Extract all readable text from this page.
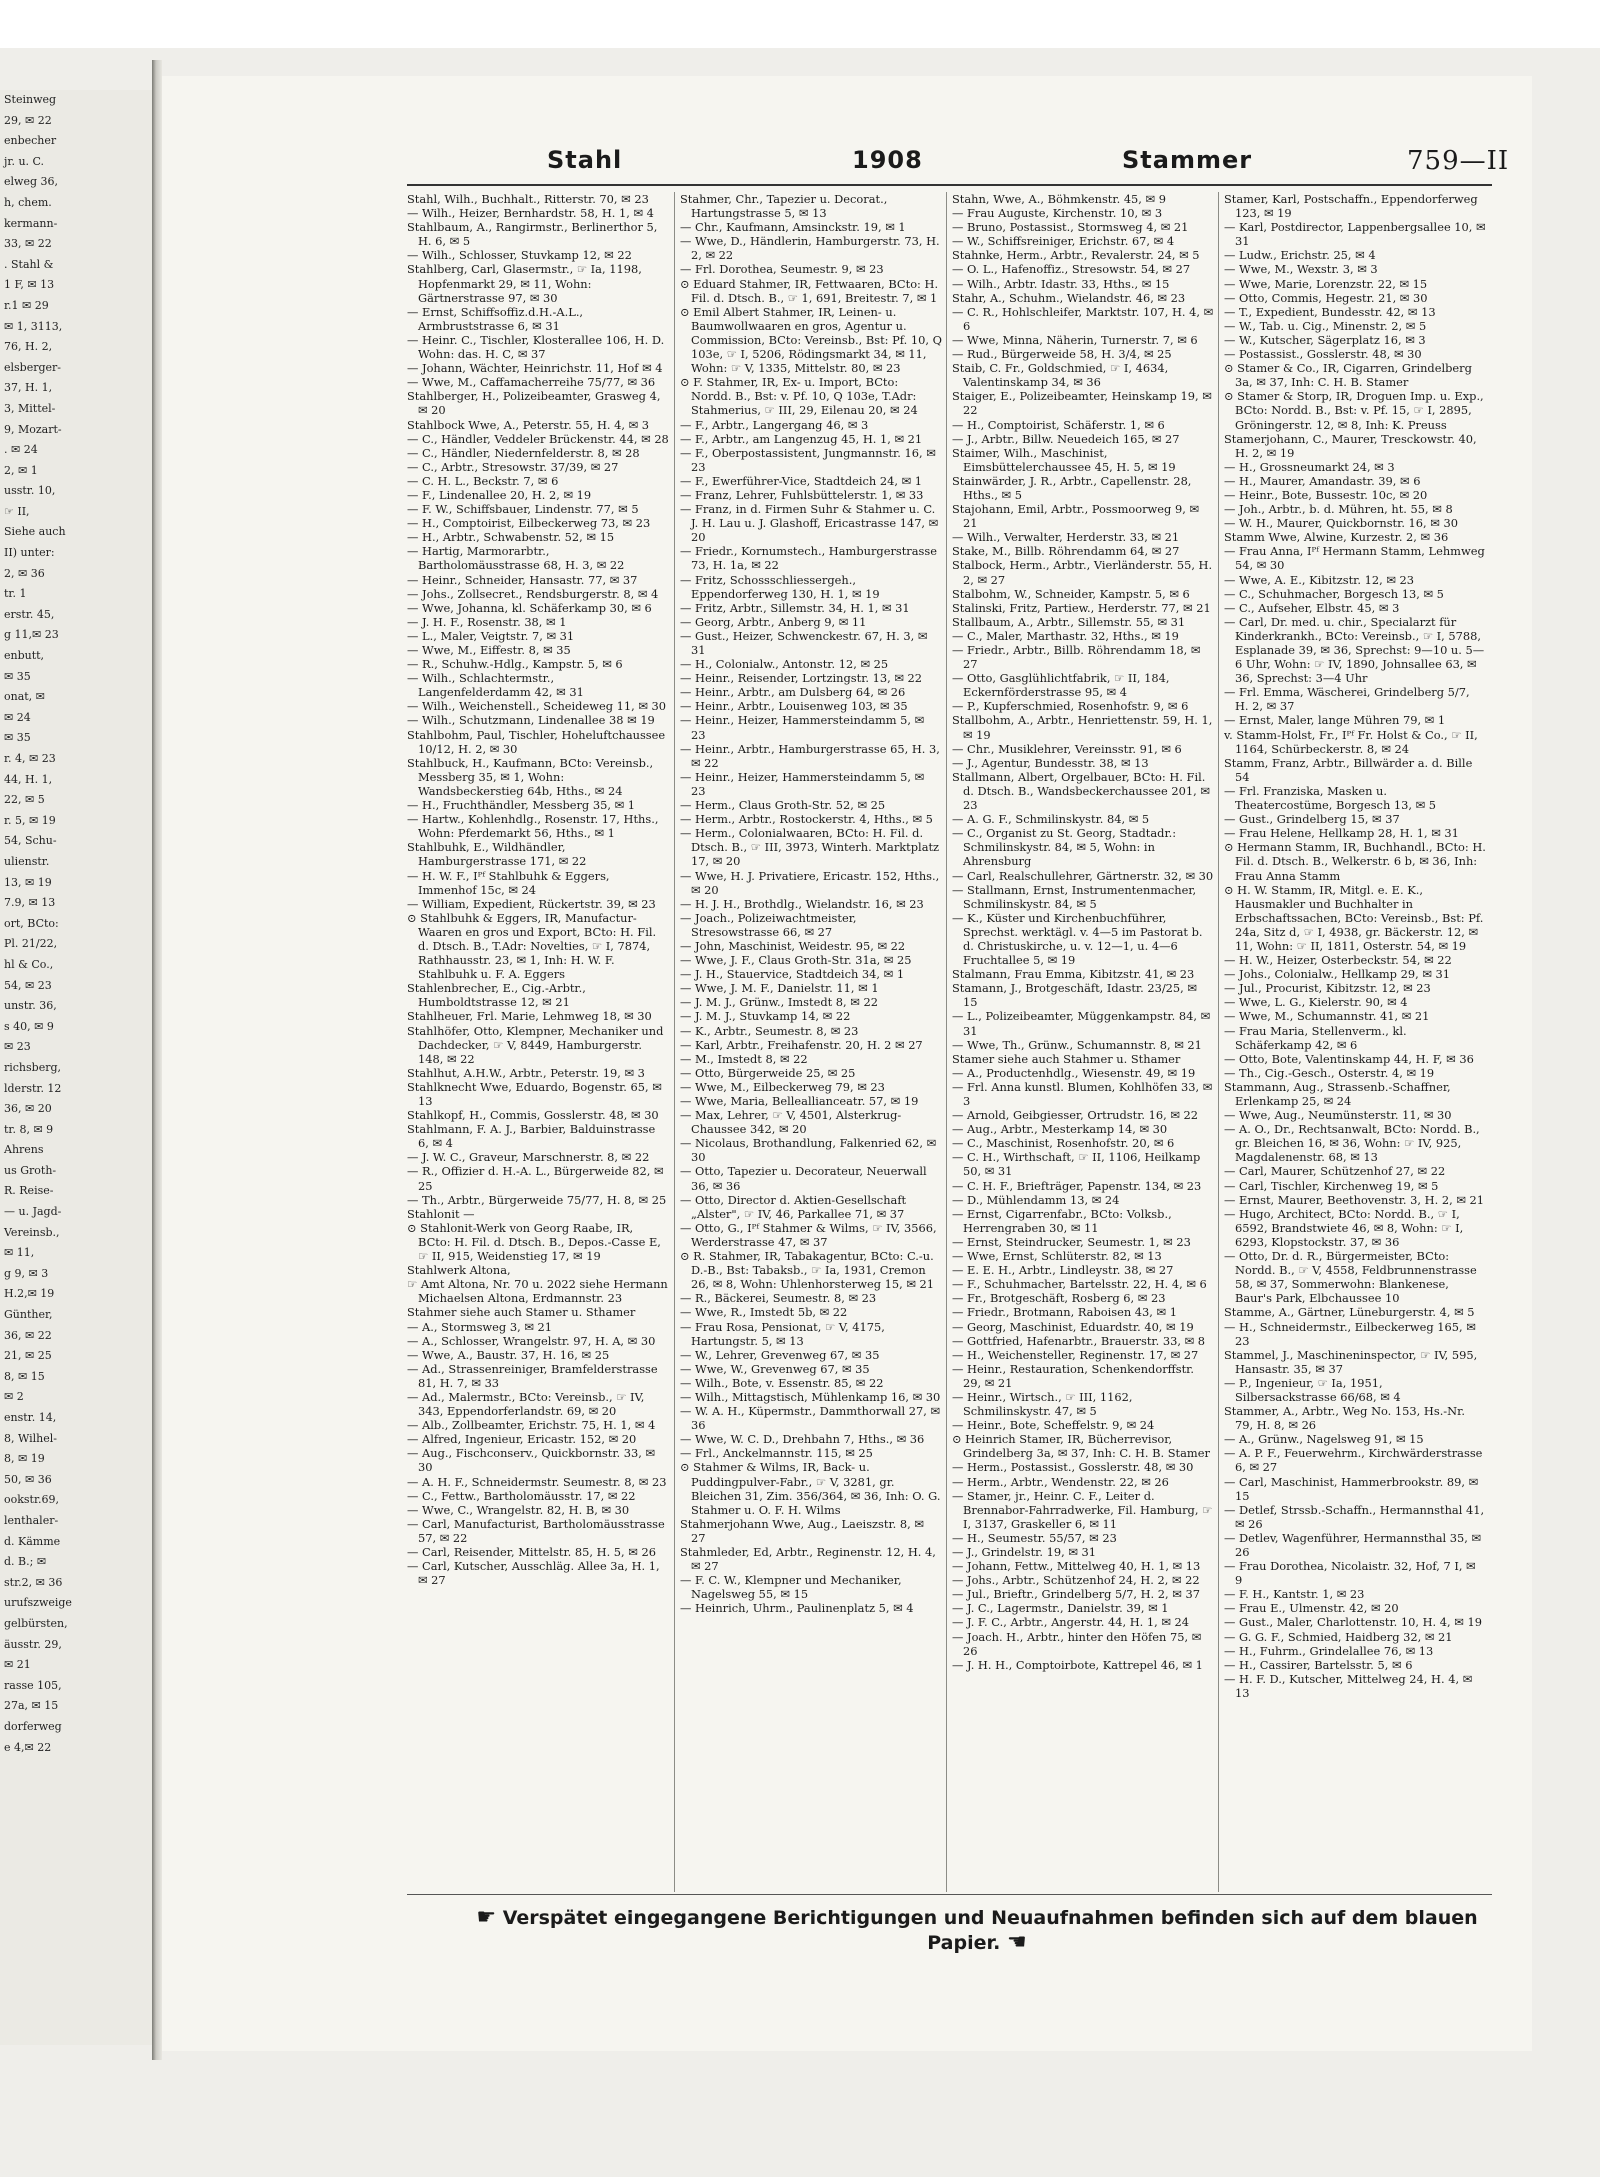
Steinweg
29, ✉ 22
enbecher
jr. u. C.
elweg 36,
h, chem.
kermann-
33, ✉ 22
. Stahl &
1 F, ✉ 13
r.1 ✉ 29
✉ 1, 3113,
76, H. 2,
elsberger-
37, H. 1,
3, Mittel-
9, Mozart-
. ✉ 24
2, ✉ 1
usstr. 10,
☞ II,
Siehe auch
II) unter:
2, ✉ 36
tr. 1
erstr. 45,
g 11,✉ 23
enbutt,
✉ 35
onat, ✉
✉ 24
✉ 35
r. 4, ✉ 23
44, H. 1,
22, ✉ 5
r. 5, ✉ 19
54, Schu-
ulienstr.
13, ✉ 19
7.9, ✉ 13
ort, BCto:
Pl. 21/22,
hl & Co.,
54, ✉ 23
unstr. 36,
s 40, ✉ 9
✉ 23
richsberg,
lderstr. 12
36, ✉ 20
tr. 8, ✉ 9
Ahrens
us Groth-
R. Reise-
— u. Jagd-
Vereinsb.,
✉ 11,
g 9, ✉ 3
H.2,✉ 19
Günther,
36, ✉ 22
21, ✉ 25
8, ✉ 15
✉ 2
enstr. 14,
8, Wilhel-
8, ✉ 19
50, ✉ 36
ookstr.69,
lenthaler-
d. Kämme
d. B.; ✉
str.2, ✉ 36
urufszweige
gelbürsten,
äusstr. 29,
✉ 21
rasse 105,
27a, ✉ 15
dorferweg
e 4,✉ 22
Stahl	1908	Stammer	759—II

Stahl, Wilh., Buchhalt., Ritterstr. 70, ✉ 23

— Wilh., Heizer, Bernhardstr. 58, H. 1, ✉ 4

Stahlbaum, A., Rangirmstr., Berlinerthor 5, H. 6, ✉ 5

— Wilh., Schlosser, Stuvkamp 12, ✉ 22

Stahlberg, Carl, Glasermstr., ☞ Ia, 1198, Hopfenmarkt 29, ✉ 11, Wohn: Gärtnerstrasse 97, ✉ 30

— Ernst, Schiffsoffiz.d.H.-A.L., Armbruststrasse 6, ✉ 31

— Heinr. C., Tischler, Klosterallee 106, H. D. Wohn: das. H. C, ✉ 37

— Johann, Wächter, Heinrichstr. 11, Hof ✉ 4

— Wwe, M., Caffamacherreihe 75/77, ✉ 36

Stahlberger, H., Polizeibeamter, Grasweg 4, ✉ 20

Stahlbock Wwe, A., Peterstr. 55, H. 4, ✉ 3

— C., Händler, Veddeler Brückenstr. 44, ✉ 28

— C., Händler, Niedernfelderstr. 8, ✉ 28

— C., Arbtr., Stresowstr. 37/39, ✉ 27

— C. H. L., Beckstr. 7, ✉ 6

— F., Lindenallee 20, H. 2, ✉ 19

— F. W., Schiffsbauer, Lindenstr. 77, ✉ 5

— H., Comptoirist, Eilbeckerweg 73, ✉ 23

— H., Arbtr., Schwabenstr. 52, ✉ 15

— Hartig, Marmorarbtr., Bartholomäusstrasse 68, H. 3, ✉ 22

— Heinr., Schneider, Hansastr. 77, ✉ 37

— Johs., Zollsecret., Rendsburgerstr. 8, ✉ 4

— Wwe, Johanna, kl. Schäferkamp 30, ✉ 6

— J. H. F., Rosenstr. 38, ✉ 1

— L., Maler, Veigtstr. 7, ✉ 31

— Wwe, M., Eiffestr. 8, ✉ 35

— R., Schuhw.-Hdlg., Kampstr. 5, ✉ 6

— Wilh., Schlachtermstr., Langenfelderdamm 42, ✉ 31

— Wilh., Weichenstell., Scheideweg 11, ✉ 30

— Wilh., Schutzmann, Lindenallee 38 ✉ 19

Stahlbohm, Paul, Tischler, Hoheluftchaussee 10/12, H. 2, ✉ 30

Stahlbuck, H., Kaufmann, BCto: Vereinsb., Messberg 35, ✉ 1, Wohn: Wandsbeckerstieg 64b, Hths., ✉ 24

— H., Fruchthändler, Messberg 35, ✉ 1

— Hartw., Kohlenhdlg., Rosenstr. 17, Hths., Wohn: Pferdemarkt 56, Hths., ✉ 1

Stahlbuhk, E., Wildhändler, Hamburgerstrasse 171, ✉ 22

— H. W. F., Iᴾᶠ Stahlbuhk & Eggers, Immenhof 15c, ✉ 24

— William, Expedient, Rückertstr. 39, ✉ 23

⊙ Stahlbuhk & Eggers, IR, Manufactur-Waaren en gros und Export, BCto: H. Fil. d. Dtsch. B., T.Adr: Novelties, ☞ I, 7874, Rathhausstr. 23, ✉ 1, Inh: H. W. F. Stahlbuhk u. F. A. Eggers

Stahlenbrecher, E., Cig.-Arbtr., Humboldtstrasse 12, ✉ 21

Stahlheuer, Frl. Marie, Lehmweg 18, ✉ 30

Stahlhöfer, Otto, Klempner, Mechaniker und Dachdecker, ☞ V, 8449, Hamburgerstr. 148, ✉ 22

Stahlhut, A.H.W., Arbtr., Peterstr. 19, ✉ 3

Stahlknecht Wwe, Eduardo, Bogenstr. 65, ✉ 13

Stahlkopf, H., Commis, Gosslerstr. 48, ✉ 30

Stahlmann, F. A. J., Barbier, Balduinstrasse 6, ✉ 4

— J. W. C., Graveur, Marschnerstr. 8, ✉ 22

— R., Offizier d. H.-A. L., Bürgerweide 82, ✉ 25

— Th., Arbtr., Bürgerweide 75/77, H. 8, ✉ 25

Stahlonit —

⊙ Stahlonit-Werk von Georg Raabe, IR, BCto: H. Fil. d. Dtsch. B., Depos.-Casse E, ☞ II, 915, Weidenstieg 17, ✉ 19

Stahlwerk Altona,

☞ Amt Altona, Nr. 70 u. 2022 siehe Hermann Michaelsen Altona, Erdmannstr. 23

Stahmer siehe auch Stamer u. Sthamer

— A., Stormsweg 3, ✉ 21

— A., Schlosser, Wrangelstr. 97, H. A, ✉ 30

— Wwe, A., Baustr. 37, H. 16, ✉ 25

— Ad., Strassenreiniger, Bramfelderstrasse 81, H. 7, ✉ 33

— Ad., Malermstr., BCto: Vereinsb., ☞ IV, 343, Eppendorferlandstr. 69, ✉ 20

— Alb., Zollbeamter, Erichstr. 75, H. 1, ✉ 4

— Alfred, Ingenieur, Ericastr. 152, ✉ 20

— Aug., Fischconserv., Quickbornstr. 33, ✉ 30

— A. H. F., Schneidermstr. Seumestr. 8, ✉ 23

— C., Fettw., Bartholomäusstr. 17, ✉ 22

— Wwe, C., Wrangelstr. 82, H. B, ✉ 30

— Carl, Manufacturist, Bartholomäusstrasse 57, ✉ 22

— Carl, Reisender, Mittelstr. 85, H. 5, ✉ 26

— Carl, Kutscher, Ausschläg. Allee 3a, H. 1, ✉ 27

Stahmer, Chr., Tapezier u. Decorat., Hartungstrasse 5, ✉ 13

— Chr., Kaufmann, Amsinckstr. 19, ✉ 1

— Wwe, D., Händlerin, Hamburgerstr. 73, H. 2, ✉ 22

— Frl. Dorothea, Seumestr. 9, ✉ 23

⊙ Eduard Stahmer, IR, Fettwaaren, BCto: H. Fil. d. Dtsch. B., ☞ 1, 691, Breitestr. 7, ✉ 1

⊙ Emil Albert Stahmer, IR, Leinen- u. Baumwollwaaren en gros, Agentur u. Commission, BCto: Vereinsb., Bst: Pf. 10, Q 103e, ☞ I, 5206, Rödingsmarkt 34, ✉ 11, Wohn: ☞ V, 1335, Mittelstr. 80, ✉ 23

⊙ F. Stahmer, IR, Ex- u. Import, BCto: Nordd. B., Bst: v. Pf. 10, Q 103e, T.Adr: Stahmerius, ☞ III, 29, Eilenau 20, ✉ 24

— F., Arbtr., Langergang 46, ✉ 3

— F., Arbtr., am Langenzug 45, H. 1, ✉ 21

— F., Oberpostassistent, Jungmannstr. 16, ✉ 23

— F., Ewerführer-Vice, Stadtdeich 24, ✉ 1

— Franz, Lehrer, Fuhlsbüttelerstr. 1, ✉ 33

— Franz, in d. Firmen Suhr & Stahmer u. C. J. H. Lau u. J. Glashoff, Ericastrasse 147, ✉ 20

— Friedr., Kornumstech., Hamburgerstrasse 73, H. 1a, ✉ 22

— Fritz, Schossschliessergeh., Eppendorferweg 130, H. 1, ✉ 19

— Fritz, Arbtr., Sillemstr. 34, H. 1, ✉ 31

— Georg, Arbtr., Anberg 9, ✉ 11

— Gust., Heizer, Schwenckestr. 67, H. 3, ✉ 31

— H., Colonialw., Antonstr. 12, ✉ 25

— Heinr., Reisender, Lortzingstr. 13, ✉ 22

— Heinr., Arbtr., am Dulsberg 64, ✉ 26

— Heinr., Arbtr., Louisenweg 103, ✉ 35

— Heinr., Heizer, Hammersteindamm 5, ✉ 23

— Heinr., Arbtr., Hamburgerstrasse 65, H. 3, ✉ 22

— Heinr., Heizer, Hammersteindamm 5, ✉ 23

— Herm., Claus Groth-Str. 52, ✉ 25

— Herm., Arbtr., Rostockerstr. 4, Hths., ✉ 5

— Herm., Colonialwaaren, BCto: H. Fil. d. Dtsch. B., ☞ III, 3973, Winterh. Marktplatz 17, ✉ 20

— Wwe, H. J. Privatiere, Ericastr. 152, Hths., ✉ 20

— H. J. H., Brothdlg., Wielandstr. 16, ✉ 23

— Joach., Polizeiwachtmeister, Stresowstrasse 66, ✉ 27

— John, Maschinist, Weidestr. 95, ✉ 22

— Wwe, J. F., Claus Groth-Str. 31a, ✉ 25

— J. H., Stauervice, Stadtdeich 34, ✉ 1

— Wwe, J. M. F., Danielstr. 11, ✉ 1

— J. M. J., Grünw., Imstedt 8, ✉ 22

— J. M. J., Stuvkamp 14, ✉ 22

— K., Arbtr., Seumestr. 8, ✉ 23

— Karl, Arbtr., Freihafenstr. 20, H. 2 ✉ 27

— M., Imstedt 8, ✉ 22

— Otto, Bürgerweide 25, ✉ 25

— Wwe, M., Eilbeckerweg 79, ✉ 23

— Wwe, Maria, Belleallianceatr. 57, ✉ 19

— Max, Lehrer, ☞ V, 4501, Alsterkrug-Chaussee 342, ✉ 20

— Nicolaus, Brothandlung, Falkenried 62, ✉ 30

— Otto, Tapezier u. Decorateur, Neuerwall 36, ✉ 36

— Otto, Director d. Aktien-Gesellschaft „Alster", ☞ IV, 46, Parkallee 71, ✉ 37

— Otto, G., Iᴾᶠ Stahmer & Wilms, ☞ IV, 3566, Werderstrasse 47, ✉ 37

⊙ R. Stahmer, IR, Tabakagentur, BCto: C.-u. D.-B., Bst: Tabaksb., ☞ Ia, 1931, Cremon 26, ✉ 8, Wohn: Uhlenhorsterweg 15, ✉ 21

— R., Bäckerei, Seumestr. 8, ✉ 23

— Wwe, R., Imstedt 5b, ✉ 22

— Frau Rosa, Pensionat, ☞ V, 4175, Hartungstr. 5, ✉ 13

— W., Lehrer, Grevenweg 67, ✉ 35

— Wwe, W., Grevenweg 67, ✉ 35

— Wilh., Bote, v. Essenstr. 85, ✉ 22

— Wilh., Mittagstisch, Mühlenkamp 16, ✉ 30

— W. A. H., Küpermstr., Dammthorwall 27, ✉ 36

— Wwe, W. C. D., Drehbahn 7, Hths., ✉ 36

— Frl., Anckelmannstr. 115, ✉ 25

⊙ Stahmer & Wilms, IR, Back- u. Puddingpulver-Fabr., ☞ V, 3281, gr. Bleichen 31, Zim. 356/364, ✉ 36, Inh: O. G. Stahmer u. O. F. H. Wilms

Stahmerjohann Wwe, Aug., Laeiszstr. 8, ✉ 27

Stahmleder, Ed, Arbtr., Reginenstr. 12, H. 4, ✉ 27

— F. C. W., Klempner und Mechaniker, Nagelsweg 55, ✉ 15

— Heinrich, Uhrm., Paulinenplatz 5, ✉ 4

Stahn, Wwe, A., Böhmkenstr. 45, ✉ 9

— Frau Auguste, Kirchenstr. 10, ✉ 3

— Bruno, Postassist., Stormsweg 4, ✉ 21

— W., Schiffsreiniger, Erichstr. 67, ✉ 4

Stahnke, Herm., Arbtr., Revalerstr. 24, ✉ 5

— O. L., Hafenoffiz., Stresowstr. 54, ✉ 27

— Wilh., Arbtr. Idastr. 33, Hths., ✉ 15

Stahr, A., Schuhm., Wielandstr. 46, ✉ 23

— C. R., Hohlschleifer, Marktstr. 107, H. 4, ✉ 6

— Wwe, Minna, Näherin, Turnerstr. 7, ✉ 6

— Rud., Bürgerweide 58, H. 3/4, ✉ 25

Staib, C. Fr., Goldschmied, ☞ I, 4634, Valentinskamp 34, ✉ 36

Staiger, E., Polizeibeamter, Heinskamp 19, ✉ 22

— H., Comptoirist, Schäferstr. 1, ✉ 6

— J., Arbtr., Billw. Neuedeich 165, ✉ 27

Staimer, Wilh., Maschinist, Eimsbüttelerchaussee 45, H. 5, ✉ 19

Stainwärder, J. R., Arbtr., Capellenstr. 28, Hths., ✉ 5

Stajohann, Emil, Arbtr., Possmoorweg 9, ✉ 21

— Wilh., Verwalter, Herderstr. 33, ✉ 21

Stake, M., Billb. Röhrendamm 64, ✉ 27

Stalbock, Herm., Arbtr., Vierländerstr. 55, H. 2, ✉ 27

Stalbohm, W., Schneider, Kampstr. 5, ✉ 6

Stalinski, Fritz, Partiew., Herderstr. 77, ✉ 21

Stallbaum, A., Arbtr., Sillemstr. 55, ✉ 31

— C., Maler, Marthastr. 32, Hths., ✉ 19

— Friedr., Arbtr., Billb. Röhrendamm 18, ✉ 27

— Otto, Gasglühlichtfabrik, ☞ II, 184, Eckernförderstrasse 95, ✉ 4

— P., Kupferschmied, Rosenhofstr. 9, ✉ 6

Stallbohm, A., Arbtr., Henriettenstr. 59, H. 1, ✉ 19

— Chr., Musiklehrer, Vereinsstr. 91, ✉ 6

— J., Agentur, Bundesstr. 38, ✉ 13

Stallmann, Albert, Orgelbauer, BCto: H. Fil. d. Dtsch. B., Wandsbeckerchaussee 201, ✉ 23

— A. G. F., Schmilinskystr. 84, ✉ 5

— C., Organist zu St. Georg, Stadtadr.: Schmilinskystr. 84, ✉ 5, Wohn: in Ahrensburg

— Carl, Realschullehrer, Gärtnerstr. 32, ✉ 30

— Stallmann, Ernst, Instrumentenmacher, Schmilinskystr. 84, ✉ 5

— K., Küster und Kirchenbuchführer, Sprechst. werktägl. v. 4—5 im Pastorat b. d. Christuskirche, u. v. 12—1, u. 4—6 Fruchtallee 5, ✉ 19

Stalmann, Frau Emma, Kibitzstr. 41, ✉ 23

Stamann, J., Brotgeschäft, Idastr. 23/25, ✉ 15

— L., Polizeibeamter, Müggenkampstr. 84, ✉ 31

— Wwe, Th., Grünw., Schumannstr. 8, ✉ 21

Stamer siehe auch Stahmer u. Sthamer

— A., Productenhdlg., Wiesenstr. 49, ✉ 19

— Frl. Anna kunstl. Blumen, Kohlhöfen 33, ✉ 3

— Arnold, Geibgiesser, Ortrudstr. 16, ✉ 22

— Aug., Arbtr., Mesterkamp 14, ✉ 30

— C., Maschinist, Rosenhofstr. 20, ✉ 6

— C. H., Wirthschaft, ☞ II, 1106, Heilkamp 50, ✉ 31

— C. H. F., Briefträger, Papenstr. 134, ✉ 23

— D., Mühlendamm 13, ✉ 24

— Ernst, Cigarrenfabr., BCto: Volksb., Herrengraben 30, ✉ 11

— Ernst, Steindrucker, Seumestr. 1, ✉ 23

— Wwe, Ernst, Schlüterstr. 82, ✉ 13

— E. E. H., Arbtr., Lindleystr. 38, ✉ 27

— F., Schuhmacher, Bartelsstr. 22, H. 4, ✉ 6

— Fr., Brotgeschäft, Rosberg 6, ✉ 23

— Friedr., Brotmann, Raboisen 43, ✉ 1

— Georg, Maschinist, Eduardstr. 40, ✉ 19

— Gottfried, Hafenarbtr., Brauerstr. 33, ✉ 8

— H., Weichensteller, Reginenstr. 17, ✉ 27

— Heinr., Restauration, Schenkendorffstr. 29, ✉ 21

— Heinr., Wirtsch., ☞ III, 1162, Schmilinskystr. 47, ✉ 5

— Heinr., Bote, Scheffelstr. 9, ✉ 24

⊙ Heinrich Stamer, IR, Bücherrevisor, Grindelberg 3a, ✉ 37, Inh: C. H. B. Stamer

— Herm., Postassist., Gosslerstr. 48, ✉ 30

— Herm., Arbtr., Wendenstr. 22, ✉ 26

— Stamer, jr., Heinr. C. F., Leiter d. Brennabor-Fahrradwerke, Fil. Hamburg, ☞ I, 3137, Graskeller 6, ✉ 11

— H., Seumestr. 55/57, ✉ 23

— J., Grindelstr. 19, ✉ 31

— Johann, Fettw., Mittelweg 40, H. 1, ✉ 13

— Johs., Arbtr., Schützenhof 24, H. 2, ✉ 22

— Jul., Brieftr., Grindelberg 5/7, H. 2, ✉ 37

— J. C., Lagermstr., Danielstr. 39, ✉ 1

— J. F. C., Arbtr., Angerstr. 44, H. 1, ✉ 24

— Joach. H., Arbtr., hinter den Höfen 75, ✉ 26

— J. H. H., Comptoirbote, Kattrepel 46, ✉ 1

Stamer, Karl, Postschaffn., Eppendorferweg 123, ✉ 19

— Karl, Postdirector, Lappenbergsallee 10, ✉ 31

— Ludw., Erichstr. 25, ✉ 4

— Wwe, M., Wexstr. 3, ✉ 3

— Wwe, Marie, Lorenzstr. 22, ✉ 15

— Otto, Commis, Hegestr. 21, ✉ 30

— T., Expedient, Bundesstr. 42, ✉ 13

— W., Tab. u. Cig., Minenstr. 2, ✉ 5

— W., Kutscher, Sägerplatz 16, ✉ 3

— Postassist., Gosslerstr. 48, ✉ 30

⊙ Stamer & Co., IR, Cigarren, Grindelberg 3a, ✉ 37, Inh: C. H. B. Stamer

⊙ Stamer & Storp, IR, Droguen Imp. u. Exp., BCto: Nordd. B., Bst: v. Pf. 15, ☞ I, 2895, Gröningerstr. 12, ✉ 8, Inh: K. Preuss

Stamerjohann, C., Maurer, Tresckowstr. 40, H. 2, ✉ 19

— H., Grossneumarkt 24, ✉ 3

— H., Maurer, Amandastr. 39, ✉ 6

— Heinr., Bote, Bussestr. 10c, ✉ 20

— Joh., Arbtr., b. d. Mühren, ht. 55, ✉ 8

— W. H., Maurer, Quickbornstr. 16, ✉ 30

Stamm Wwe, Alwine, Kurzestr. 2, ✉ 36

— Frau Anna, Iᴾᶠ Hermann Stamm, Lehmweg 54, ✉ 30

— Wwe, A. E., Kibitzstr. 12, ✉ 23

— C., Schuhmacher, Borgesch 13, ✉ 5

— C., Aufseher, Elbstr. 45, ✉ 3

— Carl, Dr. med. u. chir., Specialarzt für Kinderkrankh., BCto: Vereinsb., ☞ I, 5788, Esplanade 39, ✉ 36, Sprechst: 9—10 u. 5—6 Uhr, Wohn: ☞ IV, 1890, Johnsallee 63, ✉ 36, Sprechst: 3—4 Uhr

— Frl. Emma, Wäscherei, Grindelberg 5/7, H. 2, ✉ 37

— Ernst, Maler, lange Mühren 79, ✉ 1

v. Stamm-Holst, Fr., Iᴾᶠ Fr. Holst & Co., ☞ II, 1164, Schürbeckerstr. 8, ✉ 24

Stamm, Franz, Arbtr., Billwärder a. d. Bille 54

— Frl. Franziska, Masken u. Theatercostüme, Borgesch 13, ✉ 5

— Gust., Grindelberg 15, ✉ 37

— Frau Helene, Hellkamp 28, H. 1, ✉ 31

⊙ Hermann Stamm, IR, Buchhandl., BCto: H. Fil. d. Dtsch. B., Welkerstr. 6 b, ✉ 36, Inh: Frau Anna Stamm

⊙ H. W. Stamm, IR, Mitgl. e. E. K., Hausmakler und Buchhalter in Erbschaftssachen, BCto: Vereinsb., Bst: Pf. 24a, Sitz d, ☞ I, 4938, gr. Bäckerstr. 12, ✉ 11, Wohn: ☞ II, 1811, Osterstr. 54, ✉ 19

— H. W., Heizer, Osterbeckstr. 54, ✉ 22

— Johs., Colonialw., Hellkamp 29, ✉ 31

— Jul., Procurist, Kibitzstr. 12, ✉ 23

— Wwe, L. G., Kielerstr. 90, ✉ 4

— Wwe, M., Schumannstr. 41, ✉ 21

— Frau Maria, Stellenverm., kl. Schäferkamp 42, ✉ 6

— Otto, Bote, Valentinskamp 44, H. F, ✉ 36

— Th., Cig.-Gesch., Osterstr. 4, ✉ 19

Stammann, Aug., Strassenb.-Schaffner, Erlenkamp 25, ✉ 24

— Wwe, Aug., Neumünsterstr. 11, ✉ 30

— A. O., Dr., Rechtsanwalt, BCto: Nordd. B., gr. Bleichen 16, ✉ 36, Wohn: ☞ IV, 925, Magdalenenstr. 68, ✉ 13

— Carl, Maurer, Schützenhof 27, ✉ 22

— Carl, Tischler, Kirchenweg 19, ✉ 5

— Ernst, Maurer, Beethovenstr. 3, H. 2, ✉ 21

— Hugo, Architect, BCto: Nordd. B., ☞ I, 6592, Brandstwiete 46, ✉ 8, Wohn: ☞ I, 6293, Klopstockstr. 37, ✉ 36

— Otto, Dr. d. R., Bürgermeister, BCto: Nordd. B., ☞ V, 4558, Feldbrunnenstrasse 58, ✉ 37, Sommerwohn: Blankenese, Baur's Park, Elbchaussee 10

Stamme, A., Gärtner, Lüneburgerstr. 4, ✉ 5

— H., Schneidermstr., Eilbeckerweg 165, ✉ 23

Stammel, J., Maschineninspector, ☞ IV, 595, Hansastr. 35, ✉ 37

— P., Ingenieur, ☞ Ia, 1951, Silbersackstrasse 66/68, ✉ 4

Stammer, A., Arbtr., Weg No. 153, Hs.-Nr. 79, H. 8, ✉ 26

— A., Grünw., Nagelsweg 91, ✉ 15

— A. P. F., Feuerwehrm., Kirchwärderstrasse 6, ✉ 27

— Carl, Maschinist, Hammerbrookstr. 89, ✉ 15

— Detlef, Strssb.-Schaffn., Hermannsthal 41, ✉ 26

— Detlev, Wagenführer, Hermannsthal 35, ✉ 26

— Frau Dorothea, Nicolaistr. 32, Hof, 7 I, ✉ 9

— F. H., Kantstr. 1, ✉ 23

— Frau E., Ulmenstr. 42, ✉ 20

— Gust., Maler, Charlottenstr. 10, H. 4, ✉ 19

— G. G. F., Schmied, Haidberg 32, ✉ 21

— H., Fuhrm., Grindelallee 76, ✉ 13

— H., Cassirer, Bartelsstr. 5, ✉ 6

— H. F. D., Kutscher, Mittelweg 24, H. 4, ✉ 13

☛ Verspätet eingegangene Berichtigungen und Neuaufnahmen befinden sich auf dem blauen Papier. ☚
